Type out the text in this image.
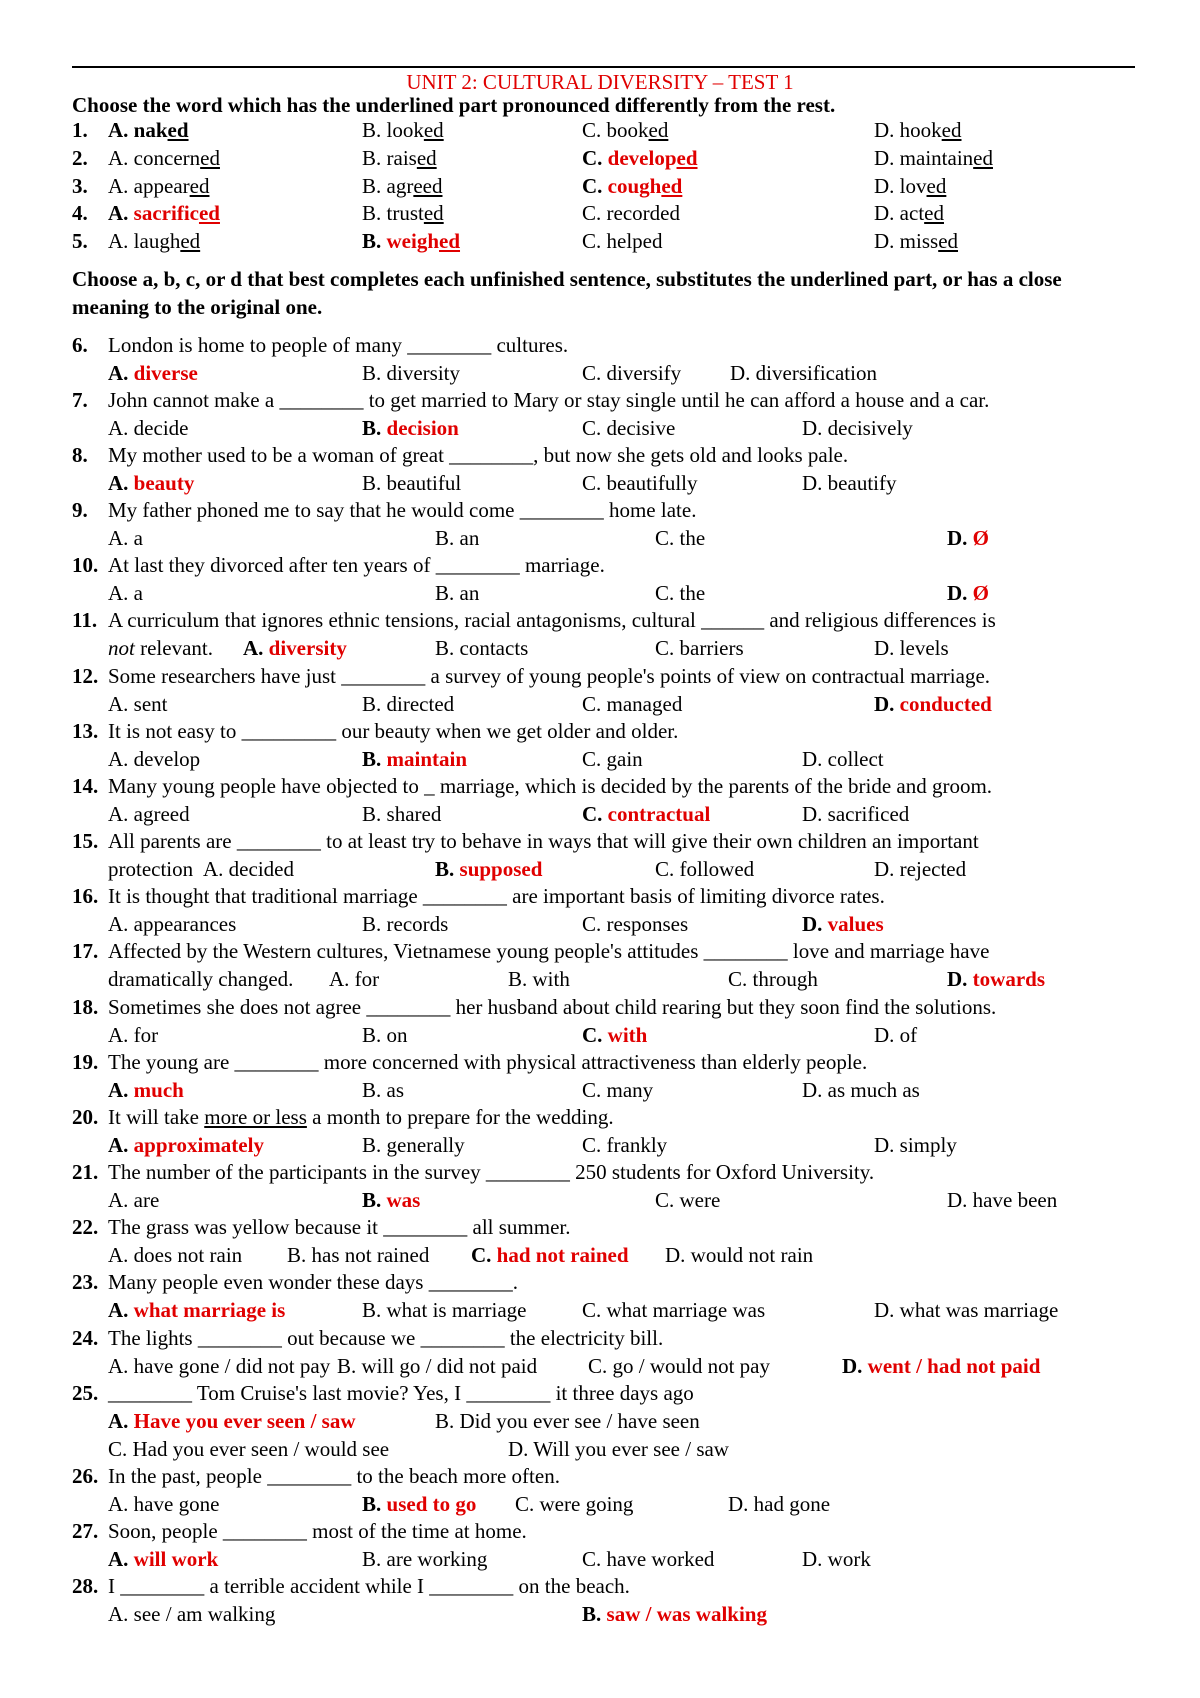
UNIT 2: CULTURAL DIVERSITY – TEST 1
Choose the word which has the underlined part pronounced differently from the rest.
1. A. naked	B. looked	C. booked	D. hooked
2. A. concerned	B. raised	C. developed	D. maintained
3. A. appeared	B. agreed	C. coughed	D. loved
4. A. sacrificed	B. trusted	C. recorded	D. acted
5. A. laughed	B. weighed	C. helped	D. missed
Choose a, b, c, or d that best completes each unfinished sentence, substitutes the underlined part, or has a close meaning to the original one.
6. London is home to people of many ________ cultures.
A. diverse	B. diversity	C. diversify D. diversification
7. John cannot make a ________ to get married to Mary or stay single until he can afford a house and a car.
A. decide	B. decision	C. decisive	D. decisively
8. My mother used to be a woman of great ________, but now she gets old and looks pale.
A. beauty	B. beautiful	C. beautifully	D. beautify
9. My father phoned me to say that he would come ________ home late.
A. a	B. an	C. the	D. Ø
10. At last they divorced after ten years of ________ marriage.
A. a	B. an	C. the	D. Ø
11. A curriculum that ignores ethnic tensions, racial antagonisms, cultural ______ and religious differences is
not relevant. A. diversity	B. contacts	C. barriers	D. levels
12. Some researchers have just ________ a survey of young people's points of view on contractual marriage.
A. sent	B. directed	C. managed	D. conducted
13. It is not easy to _________ our beauty when we get older and older.
A. develop	B. maintain	C. gain	D. collect
14. Many young people have objected to _ marriage, which is decided by the parents of the bride and groom.
A. agreed	B. shared	C. contractual	D. sacrificed
15. All parents are ________ to at least try to behave in ways that will give their own children an important
protection A. decided	B. supposed	C. followed	D. rejected
16. It is thought that traditional marriage ________ are important basis of limiting divorce rates.
A. appearances	B. records	C. responses	D. values
17. Affected by the Western cultures, Vietnamese young people's attitudes ________ love and marriage have
dramatically changed. A. for	B. with	C. through	D. towards
18. Sometimes she does not agree ________ her husband about child rearing but they soon find the solutions.
A. for	B. on	C. with	D. of
19. The young are ________ more concerned with physical attractiveness than elderly people.
A. much	B. as	C. many	D. as much as
20. It will take more or less a month to prepare for the wedding.
A. approximately	B. generally	C. frankly	D. simply
21. The number of the participants in the survey ________ 250 students for Oxford University.
A. are	B. was	C. were	D. have been
22. The grass was yellow because it ________ all summer.
A. does not rain B. has not rained C. had not rained D. would not rain
23. Many people even wonder these days ________.
A. what marriage is	B. what is marriage	C. what marriage was	D. what was marriage
24. The lights ________ out because we ________ the electricity bill.
A. have gone / did not pay B. will go / did not paid C. go / would not pay	D. went / had not paid
25. ________ Tom Cruise's last movie? Yes, I ________ it three days ago
A. Have you ever seen / saw	B. Did you ever see / have seen
C. Had you ever seen / would see	D. Will you ever see / saw
26. In the past, people ________ to the beach more often.
A. have gone	B. used to go C. were going	D. had gone
27. Soon, people ________ most of the time at home.
A. will work	B. are working	C. have worked	D. work
28. I ________ a terrible accident while I ________ on the beach.
A. see / am walking	B. saw / was walking
